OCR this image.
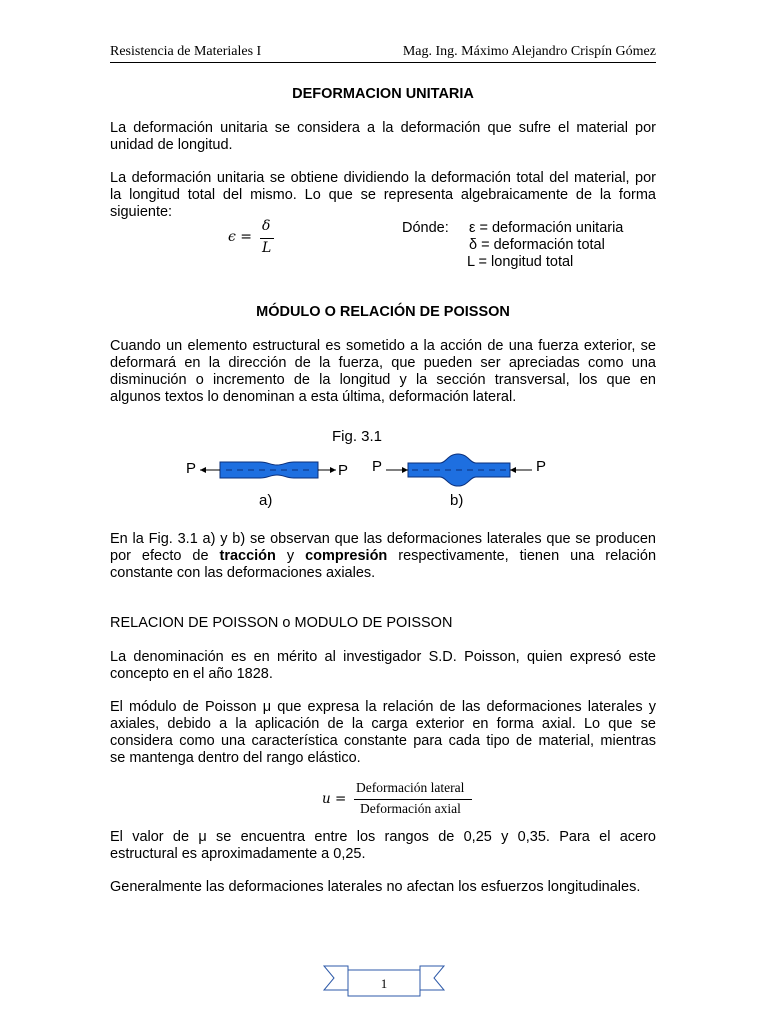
Resistencia de Materiales I	Mag. Ing. Máximo Alejandro Crispín Gómez
DEFORMACION UNITARIA
La deformación unitaria se considera a la deformación que sufre el material por
unidad de longitud.
La deformación unitaria se obtiene dividiendo la deformación total del material, por
la longitud total del mismo. Lo que se representa algebraicamente de la forma
siguiente:
ϵ =
δ
L
Dónde: ε = deformación unitaria
δ = deformación total
L = longitud total
MÓDULO O RELACIÓN DE POISSON
Cuando un elemento estructural es sometido a la acción de una fuerza exterior, se
deformará en la dirección de la fuerza, que pueden ser apreciadas como una
disminución o incremento de la longitud y la sección transversal, los que en
algunos textos lo denominan a esta última, deformación lateral.
Fig. 3.1
P	P P	P
a)	b)
En la Fig. 3.1 a) y b) se observan que las deformaciones laterales que se producen
por efecto de tracción y compresión respectivamente, tienen una relación
constante con las deformaciones axiales.
RELACION DE POISSON o MODULO DE POISSON
La denominación es en mérito al investigador S.D. Poisson, quien expresó este
concepto en el año 1828.
El módulo de Poisson μ que expresa la relación de las deformaciones laterales y
axiales, debido a la aplicación de la carga exterior en forma axial. Lo que se
considera como una característica constante para cada tipo de material, mientras
se mantenga dentro del rango elástico.
u =
Deformación lateral
Deformación axial
El valor de μ se encuentra entre los rangos de 0,25 y 0,35. Para el acero
estructural es aproximadamente a 0,25.
Generalmente las deformaciones laterales no afectan los esfuerzos longitudinales.
1
